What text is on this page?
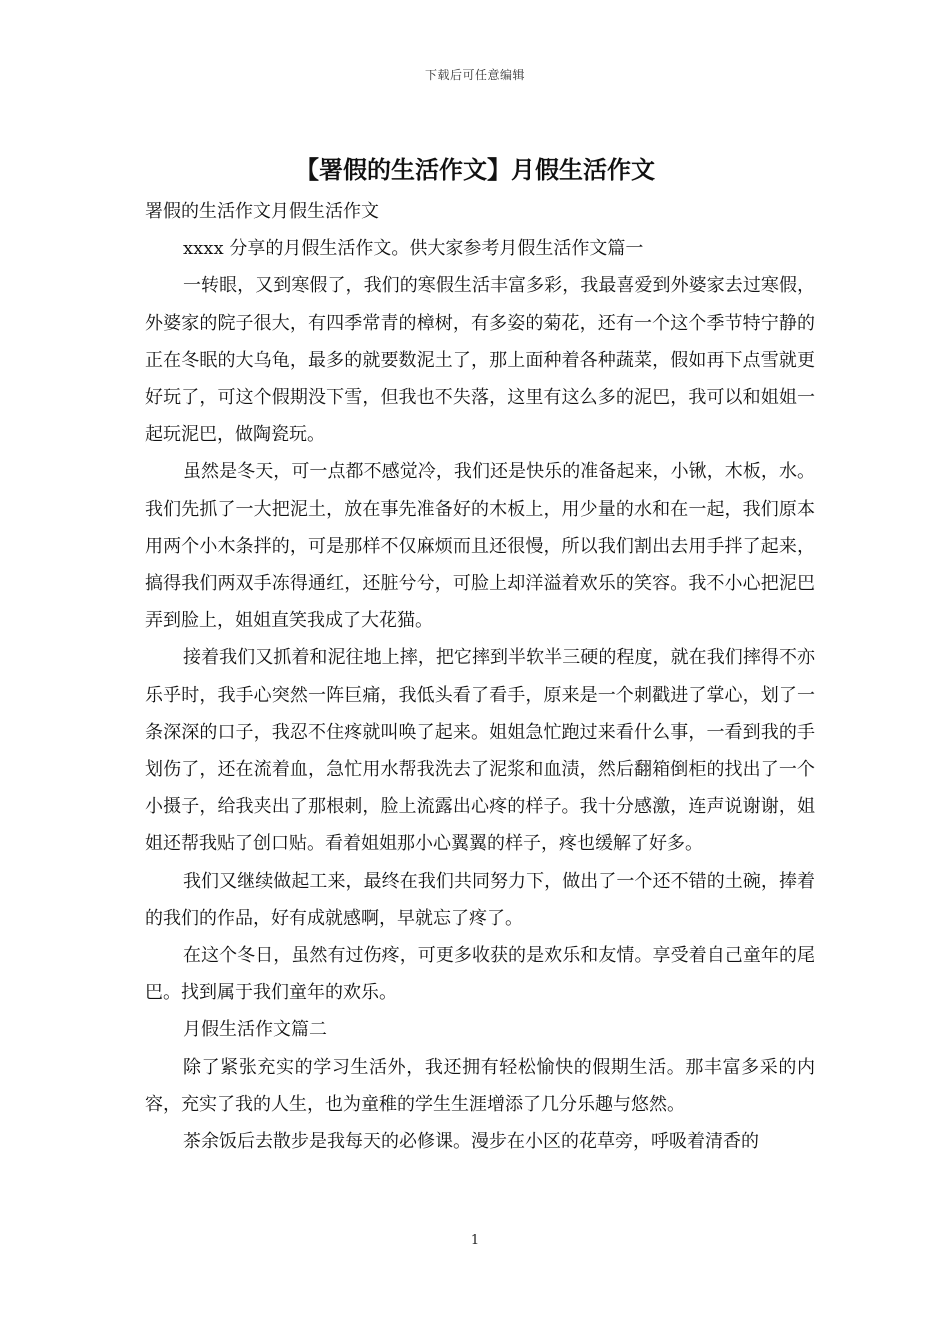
下载后可任意编辑
【署假的生活作文】月假生活作文

署假的生活作文月假生活作文

xxxx 分享的月假生活作文。供大家参考月假生活作文篇一

一转眼，又到寒假了，我们的寒假生活丰富多彩，我最喜爱到外婆家去过寒假，外婆家的院子很大，有四季常青的樟树，有多姿的菊花，还有一个这个季节特宁静的正在冬眠的大乌龟，最多的就要数泥土了，那上面种着各种蔬菜，假如再下点雪就更好玩了，可这个假期没下雪，但我也不失落，这里有这么多的泥巴，我可以和姐姐一起玩泥巴，做陶瓷玩。

虽然是冬天，可一点都不感觉冷，我们还是快乐的准备起来，小锹，木板，水。我们先抓了一大把泥土，放在事先准备好的木板上，用少量的水和在一起，我们原本用两个小木条拌的，可是那样不仅麻烦而且还很慢，所以我们割出去用手拌了起来，搞得我们两双手冻得通红，还脏兮兮，可脸上却洋溢着欢乐的笑容。我不小心把泥巴弄到脸上，姐姐直笑我成了大花猫。

接着我们又抓着和泥往地上摔，把它摔到半软半三硬的程度，就在我们摔得不亦乐乎时，我手心突然一阵巨痛，我低头看了看手，原来是一个刺戳进了掌心，划了一条深深的口子，我忍不住疼就叫唤了起来。姐姐急忙跑过来看什么事，一看到我的手划伤了，还在流着血，急忙用水帮我洗去了泥浆和血渍，然后翻箱倒柜的找出了一个小摄子，给我夹出了那根刺，脸上流露出心疼的样子。我十分感激，连声说谢谢，姐姐还帮我贴了创口贴。看着姐姐那小心翼翼的样子，疼也缓解了好多。

我们又继续做起工来，最终在我们共同努力下，做出了一个还不错的土碗，捧着的我们的作品，好有成就感啊，早就忘了疼了。

在这个冬日，虽然有过伤疼，可更多收获的是欢乐和友情。享受着自己童年的尾巴。找到属于我们童年的欢乐。

月假生活作文篇二

除了紧张充实的学习生活外，我还拥有轻松愉快的假期生活。那丰富多采的内容，充实了我的人生，也为童稚的学生生涯增添了几分乐趣与悠然。

茶余饭后去散步是我每天的必修课。漫步在小区的花草旁，呼吸着清香的

1
